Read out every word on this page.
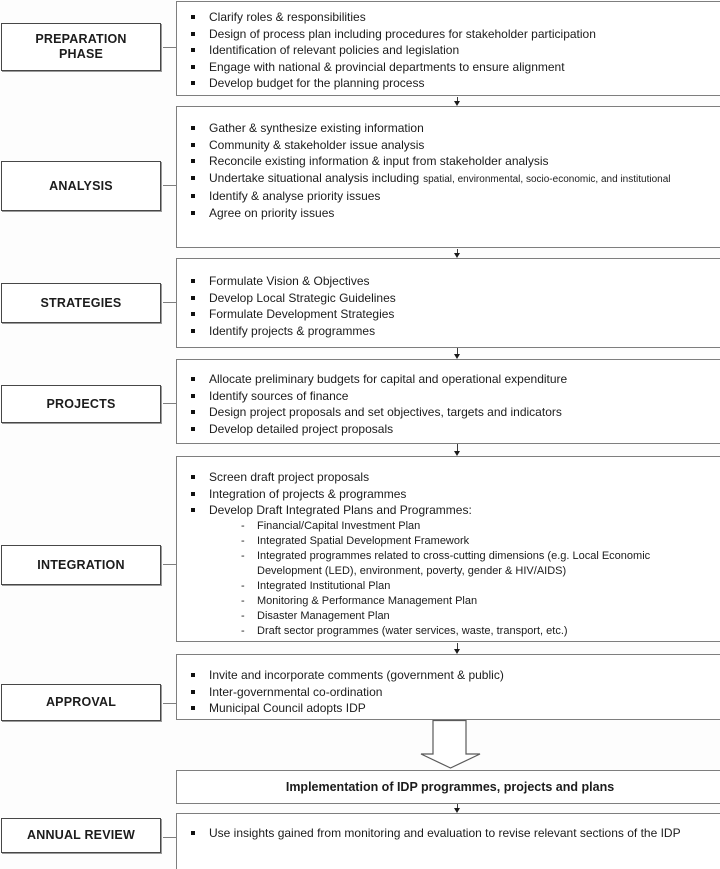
PREPARATION PHASE
ANALYSIS
STRATEGIES
PROJECTS
INTEGRATION
APPROVAL
ANNUAL REVIEW
Clarify roles & responsibilities
Design of process plan including procedures for stakeholder participation
Identification of relevant policies and legislation
Engage with national & provincial departments to ensure alignment
Develop budget for the planning process
Gather & synthesize existing information
Community & stakeholder issue analysis
Reconcile existing information & input from stakeholder analysis
Undertake situational analysis including spatial, environmental, socio-economic, and institutional
Identify & analyse priority issues
Agree on priority issues
Formulate Vision & Objectives
Develop Local Strategic Guidelines
Formulate Development Strategies
Identify projects & programmes
Allocate preliminary budgets for capital and operational expenditure
Identify sources of finance
Design project proposals and set objectives, targets and indicators
Develop detailed project proposals
Screen draft project proposals
Integration of projects & programmes
Develop Draft Integrated Plans and Programmes:
-
Financial/Capital Investment Plan
-
Integrated Spatial Development Framework
-
Integrated programmes related to cross-cutting dimensions (e.g. Local Economic Development (LED), environment, poverty, gender & HIV/AIDS)
-
Integrated Institutional Plan
-
Monitoring & Performance Management Plan
-
Disaster Management Plan
-
Draft sector programmes (water services, waste, transport, etc.)
Invite and incorporate comments (government & public)
Inter-governmental co-ordination
Municipal Council adopts IDP
Implementation of IDP programmes, projects and plans
Use insights gained from monitoring and evaluation to revise relevant sections of the IDP
